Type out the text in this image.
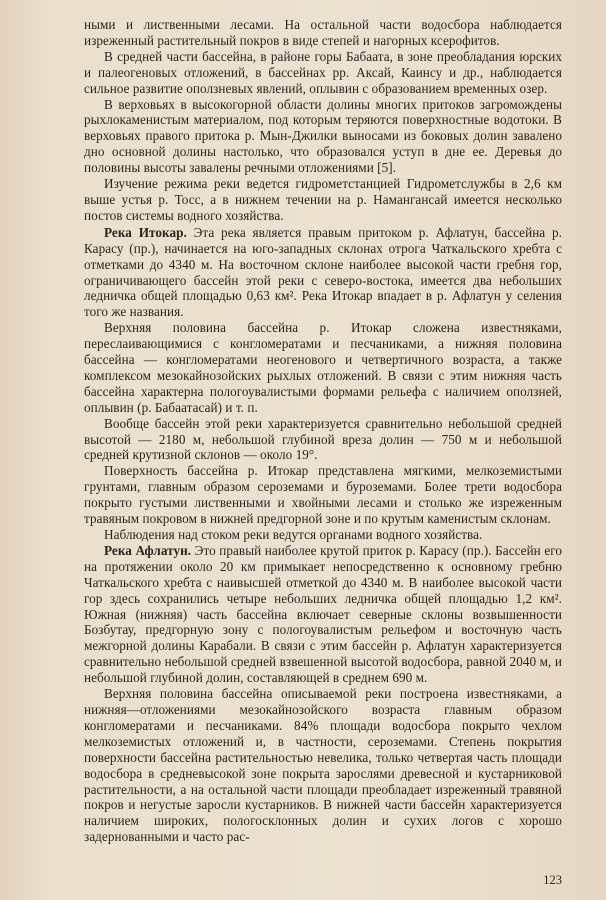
ными и лиственными лесами. На остальной части водосбора наблюдается изреженный растительный покров в виде степей и нагорных ксерофитов.

В средней части бассейна, в районе горы Бабаата, в зоне преобладания юрских и палеогеновых отложений, в бассейнах рр. Аксай, Каинсу и др., наблюдается сильное развитие оползневых явлений, оплывин с образованием временных озер.

В верховьях в высокогорной области долины многих притоков загромождены рыхлокаменистым материалом, под которым теряются поверхностные водотоки. В верховьях правого притока р. Мын-Джилки выносами из боковых долин завалено дно основной долины настолько, что образовался уступ в дне ее. Деревья до половины высоты завалены речными отложениями [5].

Изучение режима реки ведется гидрометстанцией Гидрометслужбы в 2,6 км выше устья р. Тосс, а в нижнем течении на р. Намангансай имеется несколько постов системы водного хозяйства.

Река Итокар. Эта река является правым притоком р. Афлатун, бассейна р. Карасу (пр.), начинается на юго-западных склонах отрога Чаткальского хребта с отметками до 4340 м. На восточном склоне наиболее высокой части гребня гор, ограничивающего бассейн этой реки с северо-востока, имеется два небольших ледничка общей площадью 0,63 км². Река Итокар впадает в р. Афлатун у селения того же названия.

Верхняя половина бассейна р. Итокар сложена известняками, переслаивающимися с конгломератами и песчаниками, а нижняя половина бассейна — конгломератами неогенового и четвертичного возраста, а также комплексом мезокайнозойских рыхлых отложений. В связи с этим нижняя часть бассейна характерна пологоувалистыми формами рельефа с наличием оползней, оплывин (р. Бабаатасай) и т. п.

Вообще бассейн этой реки характеризуется сравнительно небольшой средней высотой — 2180 м, небольшой глубиной вреза долин — 750 м и небольшой средней крутизной склонов — около 19°.

Поверхность бассейна р. Итокар представлена мягкими, мелкоземистыми грунтами, главным образом сероземами и буроземами. Более трети водосбора покрыто густыми лиственными и хвойными лесами и столько же изреженным травяным покровом в нижней предгорной зоне и по крутым каменистым склонам.

Наблюдения над стоком реки ведутся органами водного хозяйства.

Река Афлатун. Это правый наиболее крутой приток р. Карасу (пр.). Бассейн его на протяжении около 20 км примыкает непосредственно к основному гребню Чаткальского хребта с наивысшей отметкой до 4340 м. В наиболее высокой части гор здесь сохранились четыре небольших ледничка общей площадью 1,2 км². Южная (нижняя) часть бассейна включает северные склоны возвышенности Бозбутау, предгорную зону с пологоувалистым рельефом и восточную часть межгорной долины Карабали. В связи с этим бассейн р. Афлатун характеризуется сравнительно небольшой средней взвешенной высотой водосбора, равной 2040 м, и небольшой глубиной долин, составляющей в среднем 690 м.

Верхняя половина бассейна описываемой реки построена известняками, а нижняя—отложениями мезокайнозойского возраста главным образом конгломератами и песчаниками. 84% площади водосбора покрыто чехлом мелкоземистых отложений и, в частности, сероземами. Степень покрытия поверхности бассейна растительностью невелика, только четвертая часть площади водосбора в средневысокой зоне покрыта зарослями древесной и кустарниковой растительности, а на остальной части площади преобладает изреженный травяной покров и негустые заросли кустарников. В нижней части бассейн характеризуется наличием широких, пологосклонных долин и сухих логов с хорошо задернованными и часто рас-

123
